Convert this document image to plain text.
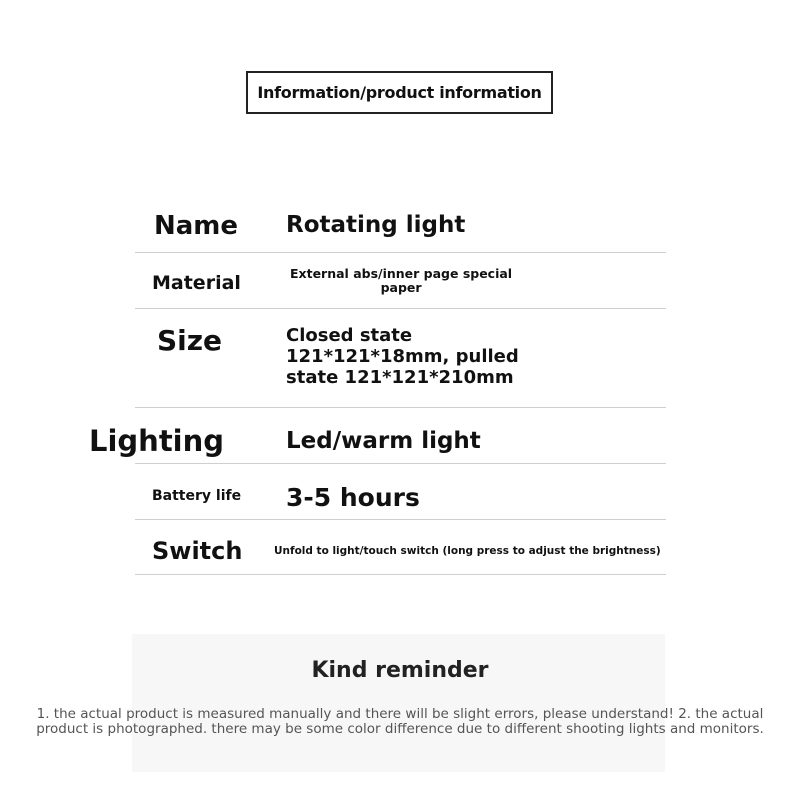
Information/product information
Name Rotating light
Material	External abs/inner page special
paper
Size	Closed state
121*121*18mm, pulled
state 121*121*210mm
Lighting	Led/warm light
Battery life 3-5 hours
Switch	Unfold to light/touch switch (long press to adjust the brightness)
Kind reminder
1. the actual product is measured manually and there will be slight errors, please understand! 2. the actual
product is photographed. there may be some color difference due to different shooting lights and monitors.
